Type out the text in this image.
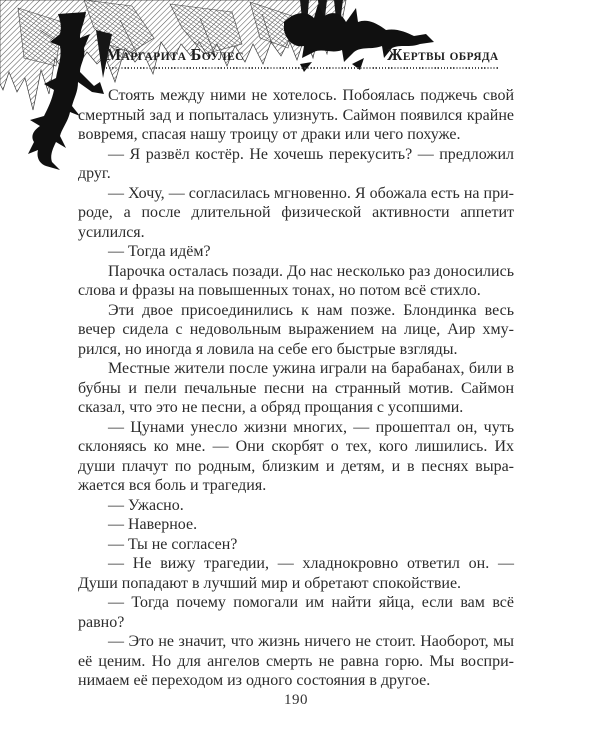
Маргарита Боулес	Жертвы обряда

Стоять между ними не хотелось. Побоялась поджечь свой смертный зад и попыталась улизнуть. Саймон появился крайне вовремя, спасая нашу троицу от драки или чего похуже.

— Я развёл костёр. Не хочешь перекусить? — предложил друг.

— Хочу, — согласилась мгновенно. Я обожала есть на природе, а после длительной физической активности аппетит усилился.

— Тогда идём?

Парочка осталась позади. До нас несколько раз доносились слова и фразы на повышенных тонах, но потом всё стихло.

Эти двое присоединились к нам позже. Блондинка весь вечер сидела с недовольным выражением на лице, Аир хмурился, но иногда я ловила на себе его быстрые взгляды.

Местные жители после ужина играли на барабанах, били в бубны и пели печальные песни на странный мотив. Саймон сказал, что это не песни, а обряд прощания с усопшими.

— Цунами унесло жизни многих, — прошептал он, чуть склоняясь ко мне. — Они скорбят о тех, кого лишились. Их души плачут по родным, близким и детям, и в песнях выражается вся боль и трагедия.

— Ужасно.

— Наверное.

— Ты не согласен?

— Не вижу трагедии, — хладнокровно ответил он. — Души попадают в лучший мир и обретают спокойствие.

— Тогда почему помогали им найти яйца, если вам всё равно?

— Это не значит, что жизнь ничего не стоит. Наоборот, мы её ценим. Но для ангелов смерть не равна горю. Мы воспринимаем её переходом из одного состояния в другое.

190
